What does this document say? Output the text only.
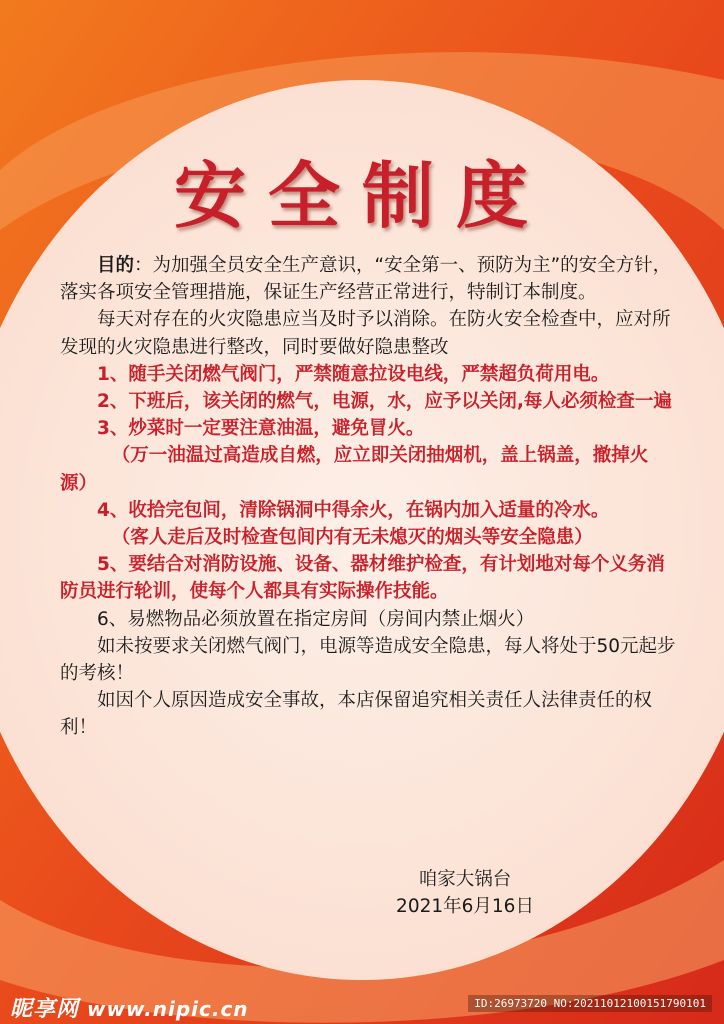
安全制度

目的：为加强全员安全生产意识，“安全第一、预防为主”的安全方针，落实各项安全管理措施，保证生产经营正常进行，特制订本制度。

每天对存在的火灾隐患应当及时予以消除。在防火安全检查中，应对所发现的火灾隐患进行整改，同时要做好隐患整改

1、随手关闭燃气阀门，严禁随意拉设电线，严禁超负荷用电。

2、下班后，该关闭的燃气，电源，水，应予以关闭,每人必须检查一遍

3、炒菜时一定要注意油温，避免冒火。

（万一油温过高造成自燃，应立即关闭抽烟机，盖上锅盖，撤掉火源）

4、收拾完包间，清除锅洞中得余火，在锅内加入适量的冷水。

（客人走后及时检查包间内有无未熄灭的烟头等安全隐患）

5、要结合对消防设施、设备、器材维护检查，有计划地对每个义务消防员进行轮训，使每个人都具有实际操作技能。

6、易燃物品必须放置在指定房间（房间内禁止烟火）

如未按要求关闭燃气阀门，电源等造成安全隐患，每人将处于50元起步的考核！

如因个人原因造成安全事故，本店保留追究相关责任人法律责任的权利！

咱家大锅台
2021年6月16日
昵享网 www.nipic.cn	ID:26973720 NO:20211012100151790101
